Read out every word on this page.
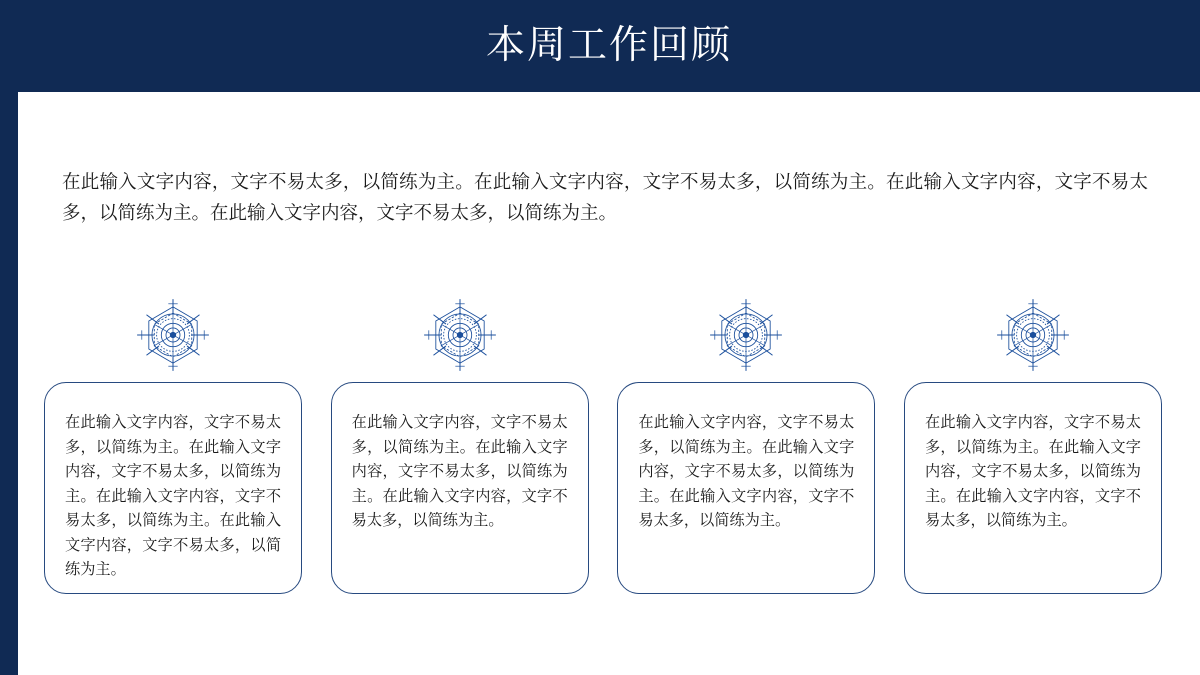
本周工作回顾
在此输入文字内容，文字不易太多，以简练为主。在此输入文字内容，文字不易太多，以简练为主。在此输入文字内容，文字不易太多，以简练为主。在此输入文字内容，文字不易太多，以简练为主。
在此输入文字内容，文字不易太多，以简练为主。在此输入文字内容，文字不易太多，以简练为主。在此输入文字内容，文字不易太多，以简练为主。在此输入文字内容，文字不易太多，以简练为主。
在此输入文字内容，文字不易太多，以简练为主。在此输入文字内容，文字不易太多，以简练为主。在此输入文字内容，文字不易太多，以简练为主。
在此输入文字内容，文字不易太多，以简练为主。在此输入文字内容，文字不易太多，以简练为主。在此输入文字内容，文字不易太多，以简练为主。
在此输入文字内容，文字不易太多，以简练为主。在此输入文字内容，文字不易太多，以简练为主。在此输入文字内容，文字不易太多，以简练为主。
